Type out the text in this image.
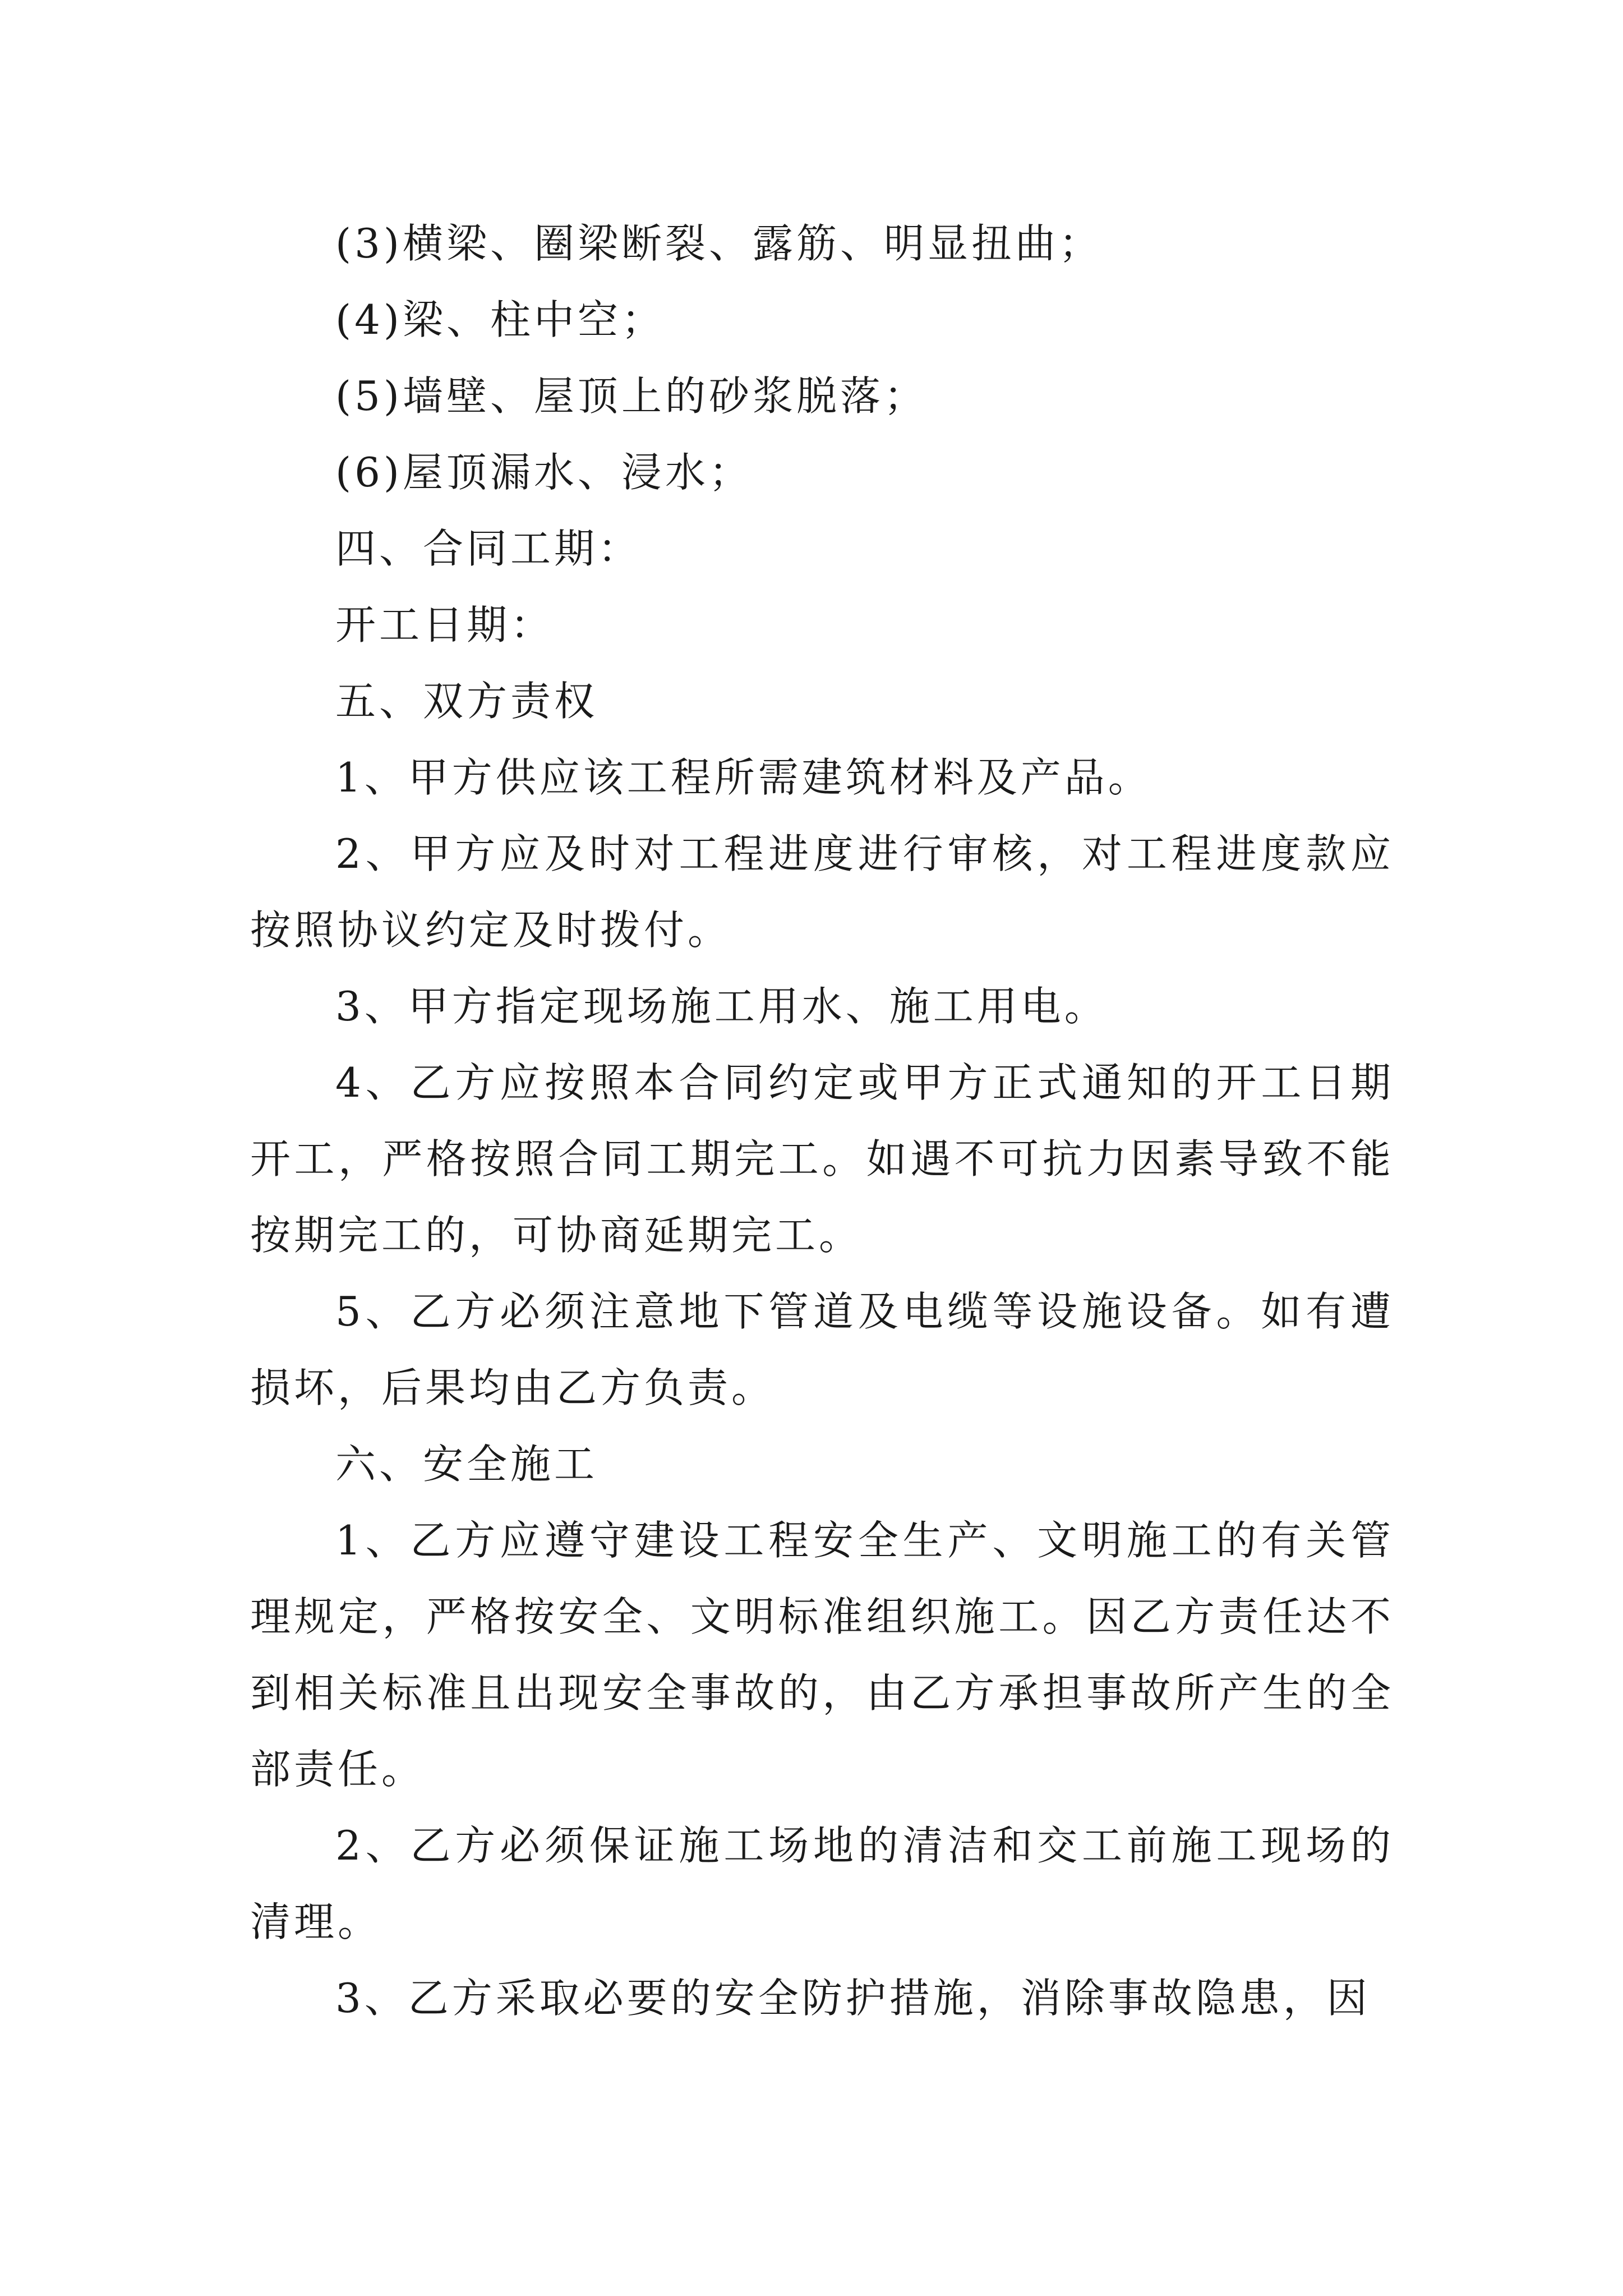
(3)横梁、圈梁断裂、露筋、明显扭曲；

(4)梁、柱中空；

(5)墙壁、屋顶上的砂浆脱落；

(6)屋顶漏水、浸水；

四、合同工期：

开工日期：

五、双方责权

1、甲方供应该工程所需建筑材料及产品。

2、甲方应及时对工程进度进行审核，对工程进度款应按照协议约定及时拨付。

3、甲方指定现场施工用水、施工用电。

4、乙方应按照本合同约定或甲方正式通知的开工日期开工，严格按照合同工期完工。如遇不可抗力因素导致不能按期完工的，可协商延期完工。

5、乙方必须注意地下管道及电缆等设施设备。如有遭损坏，后果均由乙方负责。

六、安全施工

1、乙方应遵守建设工程安全生产、文明施工的有关管理规定，严格按安全、文明标准组织施工。因乙方责任达不到相关标准且出现安全事故的，由乙方承担事故所产生的全部责任。

2、乙方必须保证施工场地的清洁和交工前施工现场的清理。

3、乙方采取必要的安全防护措施，消除事故隐患，因
